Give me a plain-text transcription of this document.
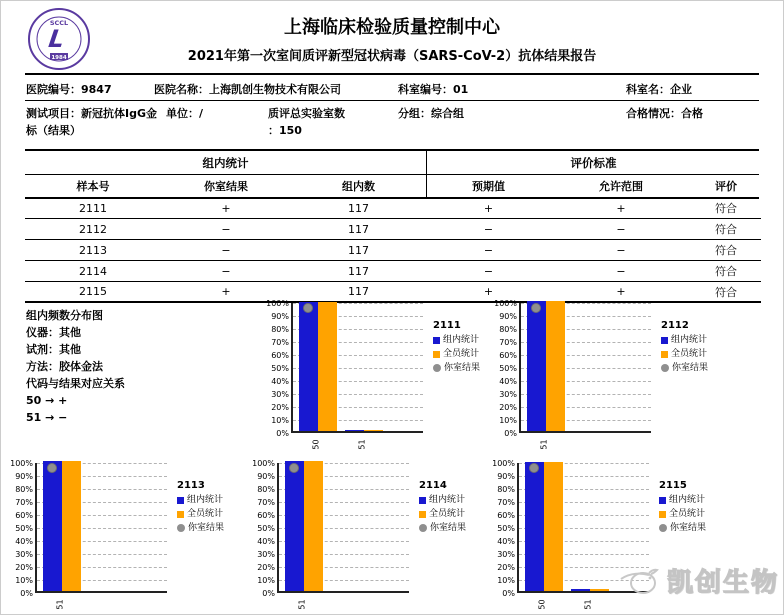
SCCL
L
1984
上海临床检验质量控制中心
2021年第一次室间质评新型冠状病毒（SARS-CoV-2）抗体结果报告
医院编号：9847	医院名称：上海凯创生物技术有限公司	科室编号：01	科室名：企业
测试项目：新冠抗体IgG金标（结果）
单位：/	质评总实验室数
：150
分组：综合组	合格情况：合格
组内统计	评价标准
样本号	你室结果	组内数	预期值	允许范围	评价
2111	+	117	+	+	符合
2112	−	117	−	−	符合
2113	−	117	−	−	符合
2114	−	117	−	−	符合
2115	+	117	+	+	符合
组内频数分布图
仪器：其他
试剂：其他
方法：胶体金法
代码与结果对应关系
50 → +
51 → −
100%
90%
80%
70%
60%
50%
40%
30%
20%
10%
0%
50	51
2111
组内统计
全员统计
你室结果
100%
90%
80%
70%
60%
50%
40%
30%
20%
10%
0%
51
2112
组内统计
全员统计
你室结果
100%
90%
80%
70%
60%
50%
40%
30%
20%
10%
0%
51
2113
组内统计
全员统计
你室结果
100%
90%
80%
70%
60%
50%
40%
30%
20%
10%
0%
51
2114
组内统计
全员统计
你室结果
100%
90%
80%
70%
60%
50%
40%
30%
20%
10%
0%
50	51
2115
组内统计
全员统计
你室结果
凯创生物
